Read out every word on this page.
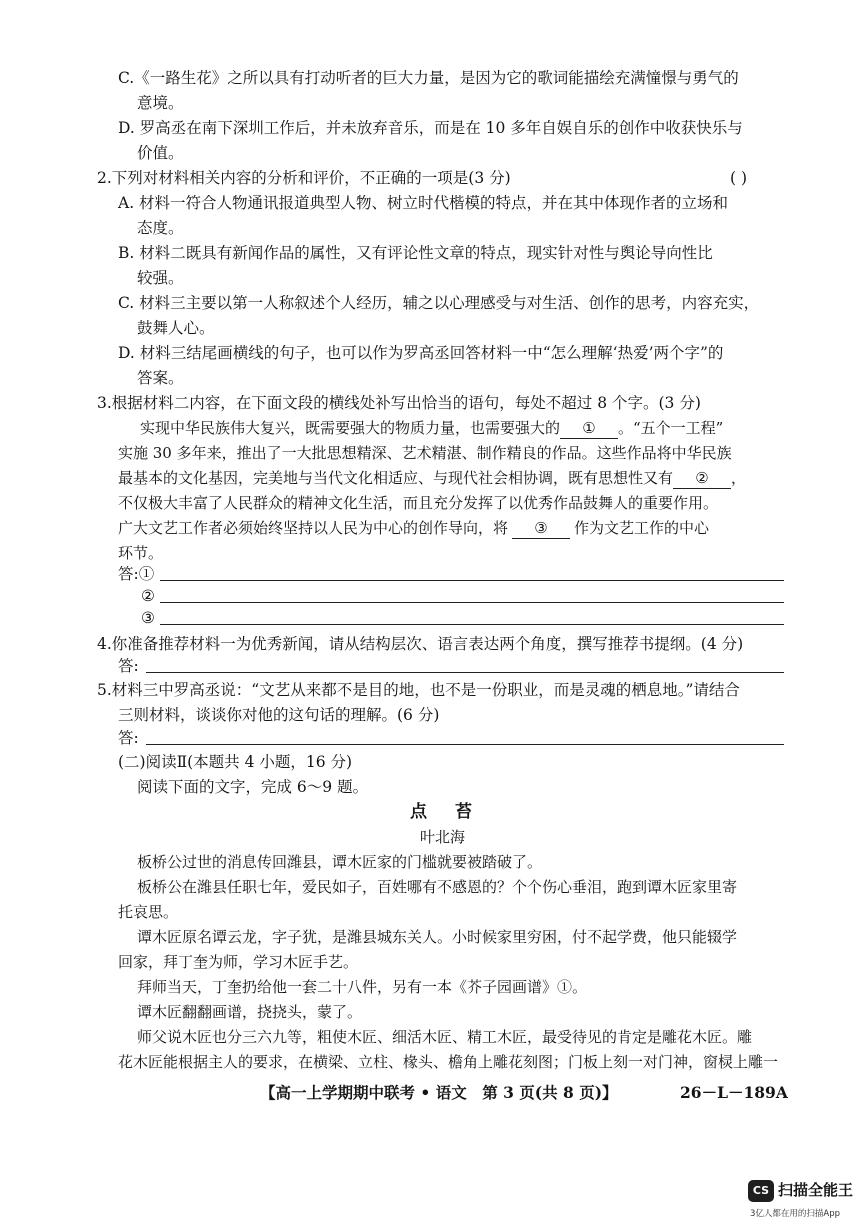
C.《一路生花》之所以具有打动听者的巨大力量，是因为它的歌词能描绘充满憧憬与勇气的
意境。
D. 罗高丞在南下深圳工作后，并未放弃音乐，而是在 10 多年自娱自乐的创作中收获快乐与
价值。
2.下列对材料相关内容的分析和评价，不正确的一项是(3 分)	( )
A. 材料一符合人物通讯报道典型人物、树立时代楷模的特点，并在其中体现作者的立场和
态度。
B. 材料二既具有新闻作品的属性，又有评论性文章的特点，现实针对性与舆论导向性比
较强。
C. 材料三主要以第一人称叙述个人经历，辅之以心理感受与对生活、创作的思考，内容充实，
鼓舞人心。
D. 材料三结尾画横线的句子，也可以作为罗高丞回答材料一中“怎么理解‘热爱’两个字”的
答案。
3.根据材料二内容，在下面文段的横线处补写出恰当的语句，每处不超过 8 个字。(3 分)
实现中华民族伟大复兴，既需要强大的物质力量，也需要强大的 ① 。“五个一工程”
实施 30 多年来，推出了一大批思想精深、艺术精湛、制作精良的作品。这些作品将中华民族
最基本的文化基因，完美地与当代文化相适应、与现代社会相协调，既有思想性又有 ② ，
不仅极大丰富了人民群众的精神文化生活，而且充分发挥了以优秀作品鼓舞人的重要作用。
广大文艺工作者必须始终坚持以人民为中心的创作导向，将 ③ 作为文艺工作的中心
环节。
答:①
②
③
4.你准备推荐材料一为优秀新闻，请从结构层次、语言表达两个角度，撰写推荐书提纲。(4 分)
答:
5.材料三中罗高丞说：“文艺从来都不是目的地，也不是一份职业，而是灵魂的栖息地。”请结合
三则材料，谈谈你对他的这句话的理解。(6 分)
答:
(二)阅读Ⅱ(本题共 4 小题，16 分)
阅读下面的文字，完成 6～9 题。
点苔
叶北海
板桥公过世的消息传回潍县，谭木匠家的门槛就要被踏破了。
板桥公在潍县任职七年，爱民如子，百姓哪有不感恩的？个个伤心垂泪，跑到谭木匠家里寄
托哀思。
谭木匠原名谭云龙，字子犹，是潍县城东关人。小时候家里穷困，付不起学费，他只能辍学
回家，拜丁奎为师，学习木匠手艺。
拜师当天，丁奎扔给他一套二十八件，另有一本《芥子园画谱》①。
谭木匠翻翻画谱，挠挠头，蒙了。
师父说木匠也分三六九等，粗使木匠、细活木匠、精工木匠，最受待见的肯定是雕花木匠。雕
花木匠能根据主人的要求，在横梁、立柱、椽头、檐角上雕花刻图；门板上刻一对门神，窗棂上雕一
【高一上学期期中联考 • 语文　第 3 页(共 8 页)】	26－L－189A
CS 扫描全能王
3亿人都在用的扫描App
